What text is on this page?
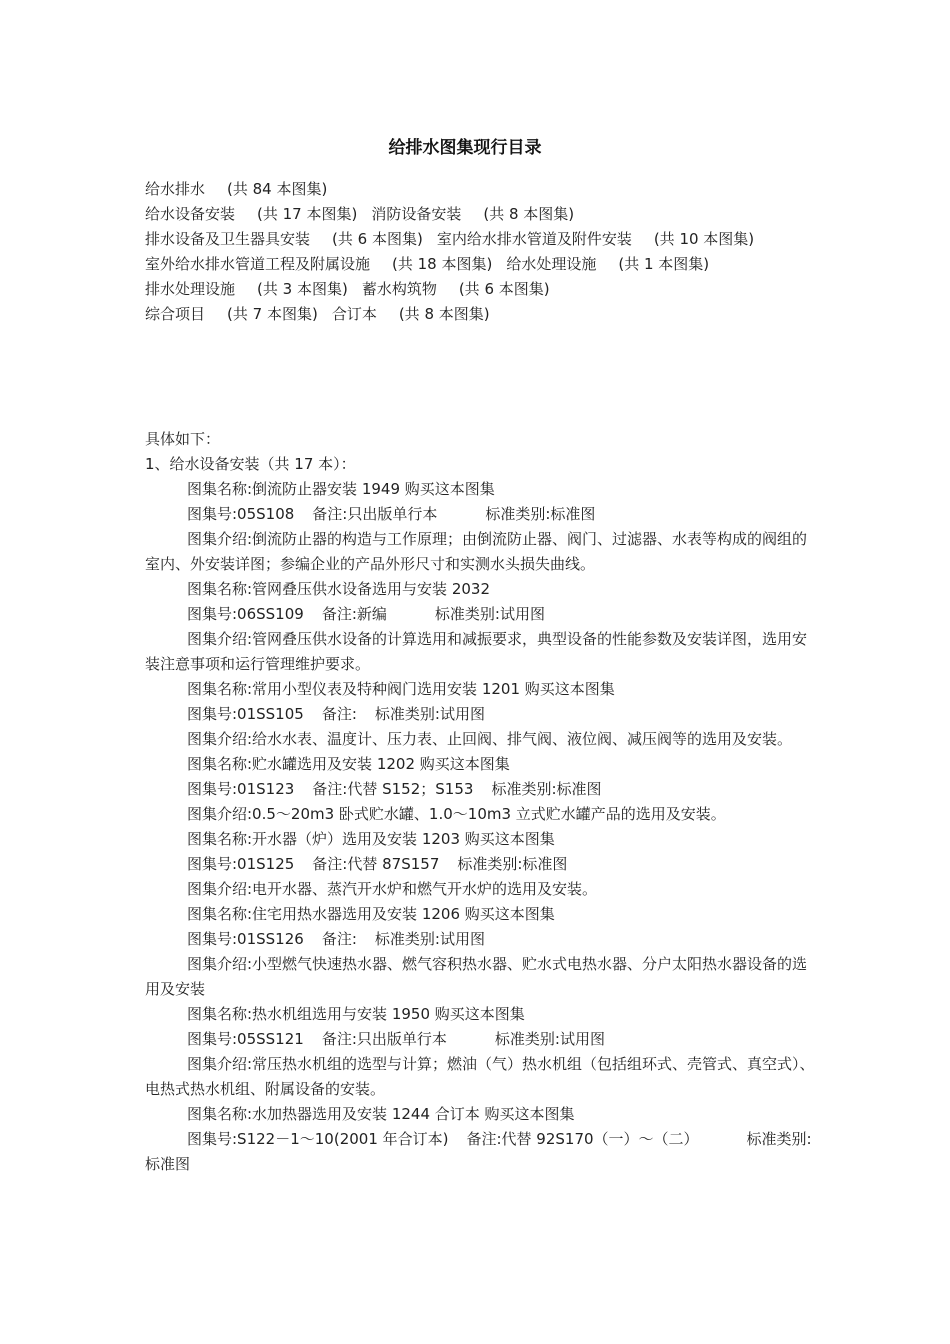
给排水图集现行目录
给水排水 (共 84 本图集)
给水设备安装 (共 17 本图集) 消防设备安装 (共 8 本图集)
排水设备及卫生器具安装 (共 6 本图集) 室内给水排水管道及附件安装 (共 10 本图集)
室外给水排水管道工程及附属设施 (共 18 本图集) 给水处理设施 (共 1 本图集)
排水处理设施 (共 3 本图集) 蓄水构筑物 (共 6 本图集)
综合项目 (共 7 本图集) 合订本 (共 8 本图集)
具体如下：
1、给水设备安装（共 17 本）：
图集名称:倒流防止器安装 1949 购买这本图集
图集号:05S108 备注:只出版单行本	标准类别:标准图
图集介绍:倒流防止器的构造与工作原理；由倒流防止器、阀门、过滤器、水表等构成的阀组的室内、外安装详图；参编企业的产品外形尺寸和实测水头损失曲线。
图集名称:管网叠压供水设备选用与安装 2032
图集号:06SS109 备注:新编	标准类别:试用图
图集介绍:管网叠压供水设备的计算选用和减振要求，典型设备的性能参数及安装详图，选用安装注意事项和运行管理维护要求。
图集名称:常用小型仪表及特种阀门选用安装 1201 购买这本图集
图集号:01SS105 备注: 标准类别:试用图
图集介绍:给水水表、温度计、压力表、止回阀、排气阀、液位阀、减压阀等的选用及安装。
图集名称:贮水罐选用及安装 1202 购买这本图集
图集号:01S123 备注:代替 S152；S153 标准类别:标准图
图集介绍:0.5～20m3 卧式贮水罐、1.0～10m3 立式贮水罐产品的选用及安装。
图集名称:开水器（炉）选用及安装 1203 购买这本图集
图集号:01S125 备注:代替 87S157 标准类别:标准图
图集介绍:电开水器、蒸汽开水炉和燃气开水炉的选用及安装。
图集名称:住宅用热水器选用及安装 1206 购买这本图集
图集号:01SS126 备注: 标准类别:试用图
图集介绍:小型燃气快速热水器、燃气容积热水器、贮水式电热水器、分户太阳热水器设备的选用及安装
图集名称:热水机组选用与安装 1950 购买这本图集
图集号:05SS121 备注:只出版单行本	标准类别:试用图
图集介绍:常压热水机组的选型与计算；燃油（气）热水机组（包括组环式、壳管式、真空式）、电热式热水机组、附属设备的安装。
图集名称:水加热器选用及安装 1244 合订本 购买这本图集
图集号:S122－1～10(2001 年合订本) 备注:代替 92S170（一）～（二）	标准类别:标准图
